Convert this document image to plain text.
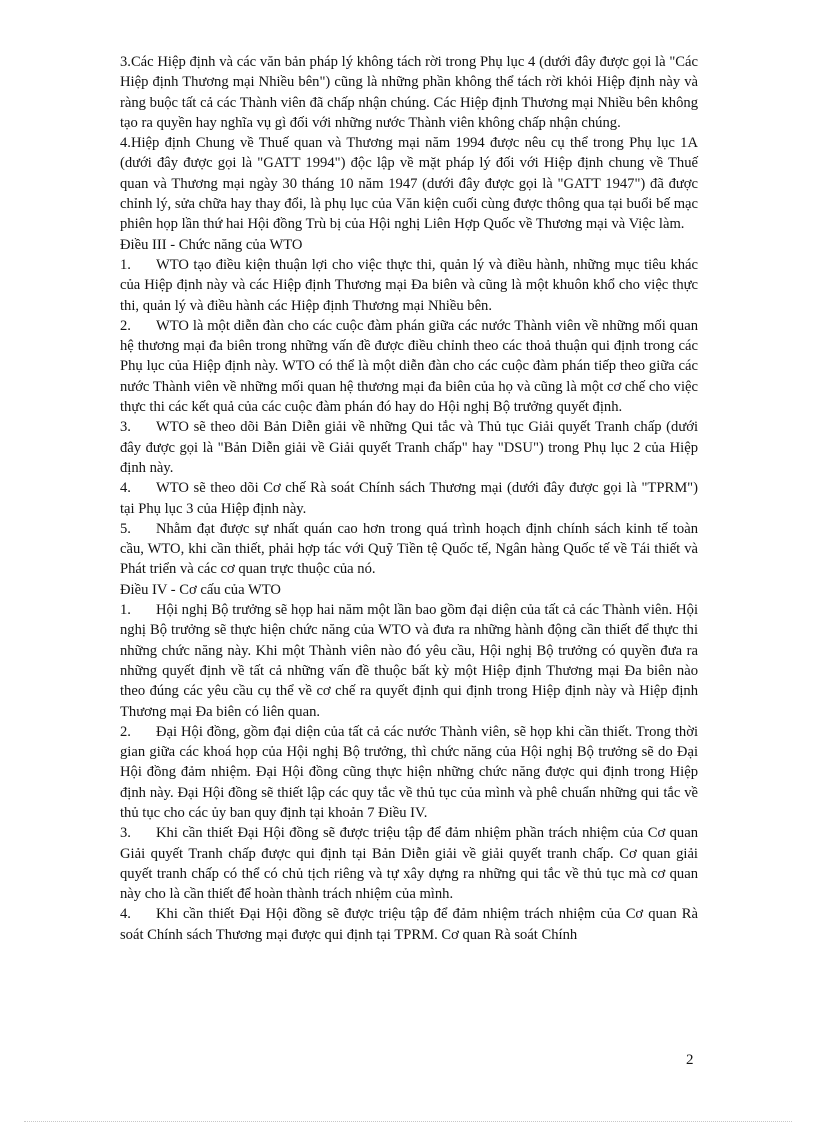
3.Các Hiệp định và các văn bản pháp lý không tách rời trong Phụ lục 4 (dưới đây được gọi là "Các Hiệp định Thương mại Nhiều bên") cũng là những phần không thể tách rời khỏi Hiệp định này và ràng buộc tất cả các Thành viên đã chấp nhận chúng. Các Hiệp định Thương mại Nhiều bên không tạo ra quyền hay nghĩa vụ gì đối với những nước Thành viên không chấp nhận chúng.

4.Hiệp định Chung về Thuế quan và Thương mại năm 1994 được nêu cụ thể trong Phụ lục 1A (dưới đây được gọi là "GATT 1994") độc lập về mặt pháp lý đối với Hiệp định chung về Thuế quan và Thương mại ngày 30 tháng 10 năm 1947 (dưới đây được gọi là "GATT 1947") đã được chỉnh lý, sửa chữa hay thay đổi, là phụ lục của Văn kiện cuối cùng được thông qua tại buổi bế mạc phiên họp lần thứ hai Hội đồng Trù bị của Hội nghị Liên Hợp Quốc về Thương mại và Việc làm.

Điều III - Chức năng của WTO

1. WTO tạo điều kiện thuận lợi cho việc thực thi, quản lý và điều hành, những mục tiêu khác của Hiệp định này và các Hiệp định Thương mại Đa biên và cũng là một khuôn khổ cho việc thực thi, quản lý và điều hành các Hiệp định Thương mại Nhiều bên.

2. WTO là một diễn đàn cho các cuộc đàm phán giữa các nước Thành viên về những mối quan hệ thương mại đa biên trong những vấn đề được điều chỉnh theo các thoả thuận qui định trong các Phụ lục của Hiệp định này. WTO có thể là một diễn đàn cho các cuộc đàm phán tiếp theo giữa các nước Thành viên về những mối quan hệ thương mại đa biên của họ và cũng là một cơ chế cho việc thực thi các kết quả của các cuộc đàm phán đó hay do Hội nghị Bộ trưởng quyết định.

3. WTO sẽ theo dõi Bản Diễn giải về những Qui tắc và Thủ tục Giải quyết Tranh chấp (dưới đây được gọi là "Bản Diễn giải về Giải quyết Tranh chấp" hay "DSU") trong Phụ lục 2 của Hiệp định này.

4. WTO sẽ theo dõi Cơ chế Rà soát Chính sách Thương mại (dưới đây được gọi là "TPRM") tại Phụ lục 3 của Hiệp định này.

5. Nhằm đạt được sự nhất quán cao hơn trong quá trình hoạch định chính sách kinh tế toàn cầu, WTO, khi cần thiết, phải hợp tác với Quỹ Tiền tệ Quốc tế, Ngân hàng Quốc tế về Tái thiết và Phát triển và các cơ quan trực thuộc của nó.

Điều IV - Cơ cấu của WTO

1. Hội nghị Bộ trưởng sẽ họp hai năm một lần bao gồm đại diện của tất cả các Thành viên. Hội nghị Bộ trưởng sẽ thực hiện chức năng của WTO và đưa ra những hành động cần thiết để thực thi những chức năng này. Khi một Thành viên nào đó yêu cầu, Hội nghị Bộ trưởng có quyền đưa ra những quyết định về tất cả những vấn đề thuộc bất kỳ một Hiệp định Thương mại Đa biên nào theo đúng các yêu cầu cụ thể về cơ chế ra quyết định qui định trong Hiệp định này và Hiệp định Thương mại Đa biên có liên quan.

2. Đại Hội đồng, gồm đại diện của tất cả các nước Thành viên, sẽ họp khi cần thiết. Trong thời gian giữa các khoá họp của Hội nghị Bộ trưởng, thì chức năng của Hội nghị Bộ trưởng sẽ do Đại Hội đồng đảm nhiệm. Đại Hội đồng cũng thực hiện những chức năng được qui định trong Hiệp định này. Đại Hội đồng sẽ thiết lập các quy tắc về thủ tục của mình và phê chuẩn những qui tắc về thủ tục cho các ủy ban quy định tại khoản 7 Điều IV.

3. Khi cần thiết Đại Hội đồng sẽ được triệu tập để đảm nhiệm phần trách nhiệm của Cơ quan Giải quyết Tranh chấp được qui định tại Bản Diễn giải về giải quyết tranh chấp. Cơ quan giải quyết tranh chấp có thể có chủ tịch riêng và tự xây dựng ra những qui tắc về thủ tục mà cơ quan này cho là cần thiết để hoàn thành trách nhiệm của mình.

4. Khi cần thiết Đại Hội đồng sẽ được triệu tập để đảm nhiệm trách nhiệm của Cơ quan Rà soát Chính sách Thương mại được qui định tại TPRM. Cơ quan Rà soát Chính

2
